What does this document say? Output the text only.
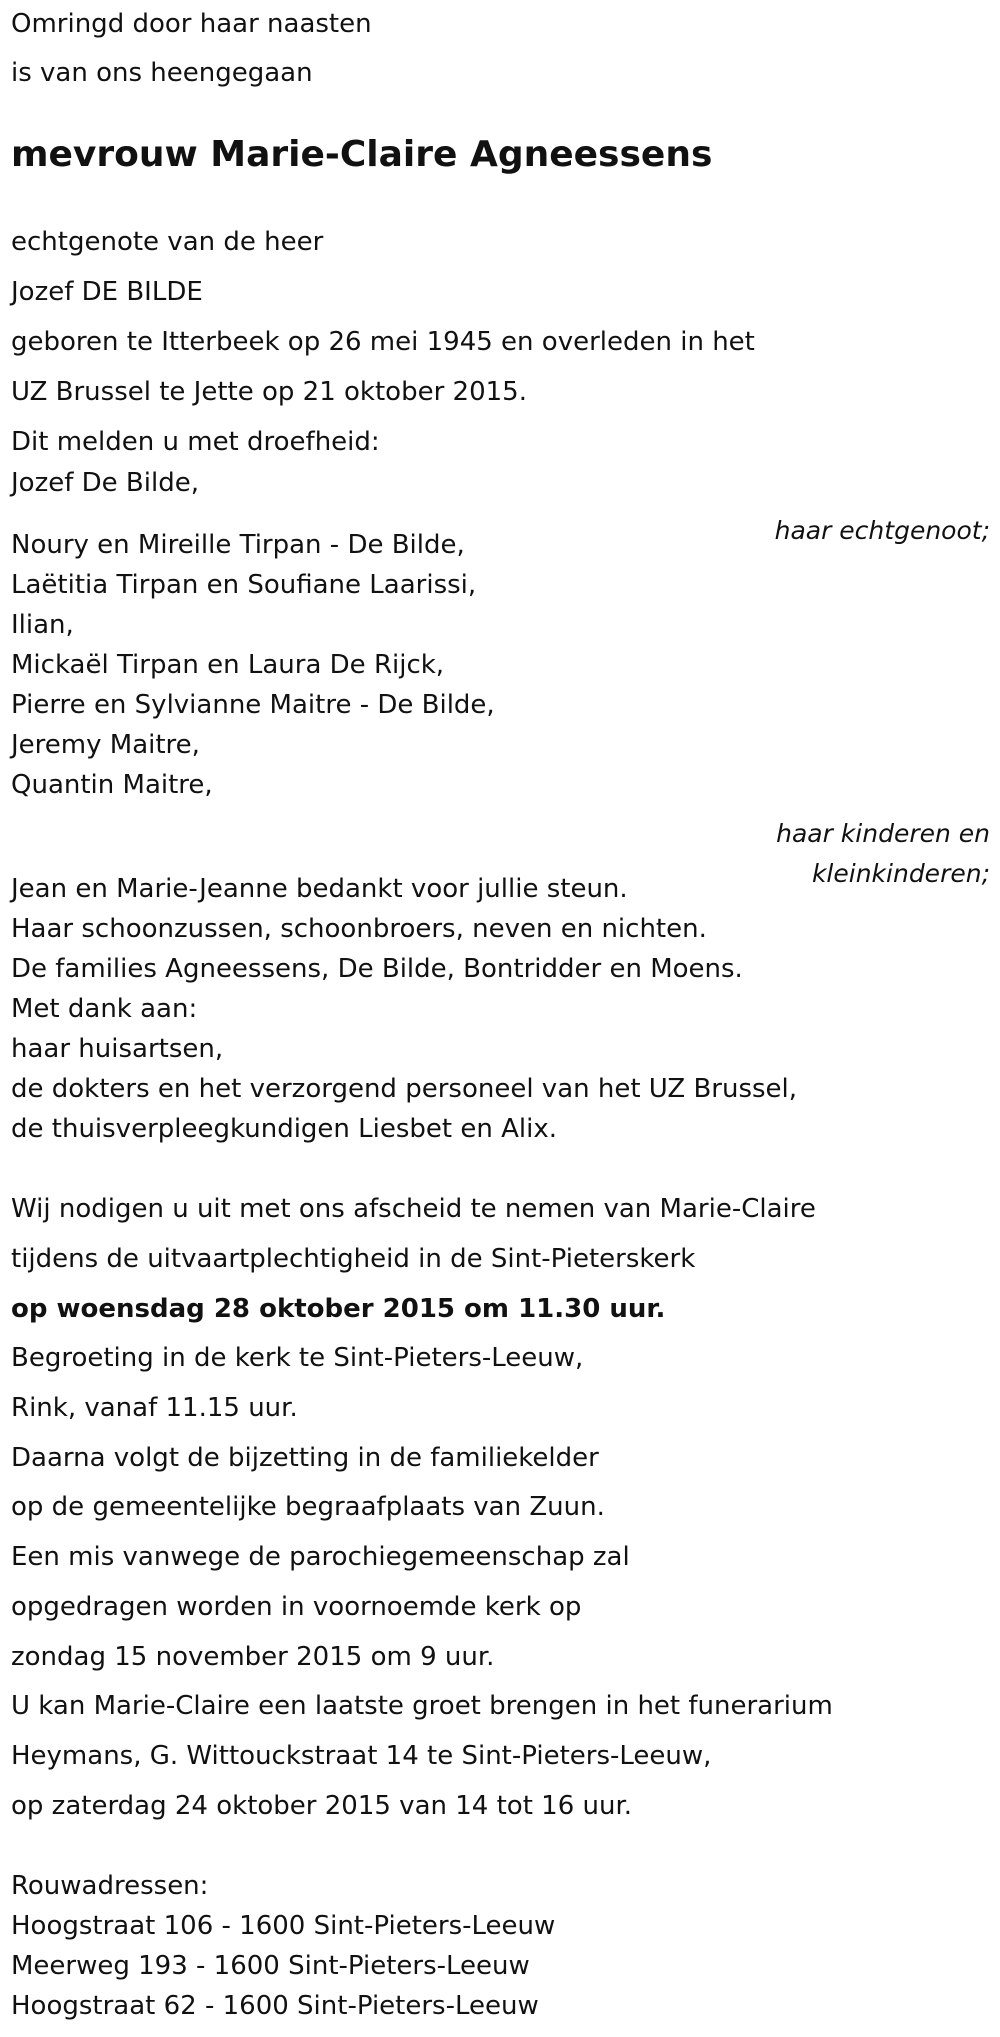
Omringd door haar naasten

is van ons heengegaan

mevrouw Marie-Claire Agneessens

echtgenote van de heer

Jozef DE BILDE

geboren te Itterbeek op 26 mei 1945 en overleden in het

UZ Brussel te Jette op 21 oktober 2015.

Dit melden u met droefheid:

Jozef De Bilde,

haar echtgenoot;

Noury en Mireille Tirpan - De Bilde,

Laëtitia Tirpan en Soufiane Laarissi,

Ilian,

Mickaël Tirpan en Laura De Rijck,

Pierre en Sylvianne Maitre - De Bilde,

Jeremy Maitre,

Quantin Maitre,

haar kinderen en

kleinkinderen;

Jean en Marie-Jeanne bedankt voor jullie steun.

Haar schoonzussen, schoonbroers, neven en nichten.

De families Agneessens, De Bilde, Bontridder en Moens.

Met dank aan:

haar huisartsen,

de dokters en het verzorgend personeel van het UZ Brussel,

de thuisverpleegkundigen Liesbet en Alix.

Wij nodigen u uit met ons afscheid te nemen van Marie-Claire

tijdens de uitvaartplechtigheid in de Sint-Pieterskerk

op woensdag 28 oktober 2015 om 11.30 uur.

Begroeting in de kerk te Sint-Pieters-Leeuw,

Rink, vanaf 11.15 uur.

Daarna volgt de bijzetting in de familiekelder

op de gemeentelijke begraafplaats van Zuun.

Een mis vanwege de parochiegemeenschap zal

opgedragen worden in voornoemde kerk op

zondag 15 november 2015 om 9 uur.

U kan Marie-Claire een laatste groet brengen in het funerarium

Heymans, G. Wittouckstraat 14 te Sint-Pieters-Leeuw,

op zaterdag 24 oktober 2015 van 14 tot 16 uur.

Rouwadressen:

Hoogstraat 106 - 1600 Sint-Pieters-Leeuw

Meerweg 193 - 1600 Sint-Pieters-Leeuw

Hoogstraat 62 - 1600 Sint-Pieters-Leeuw
